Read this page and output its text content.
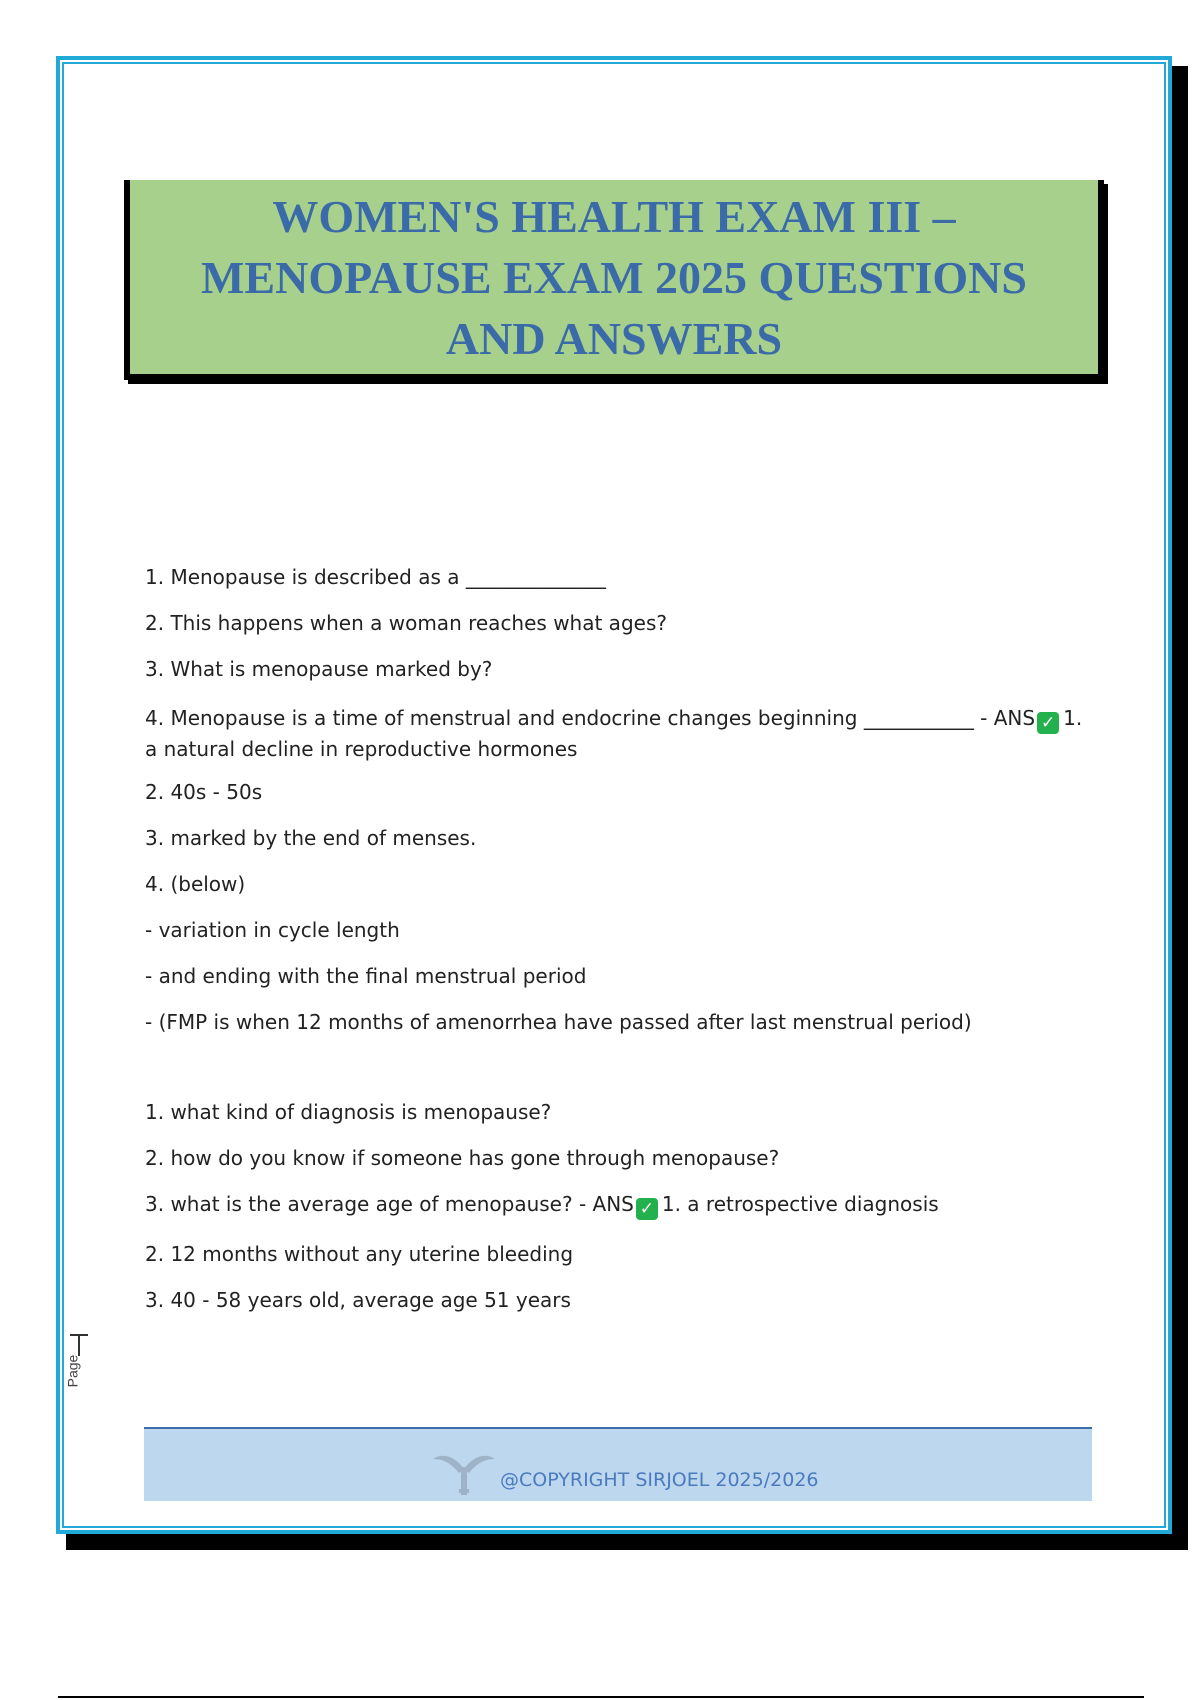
WOMEN'S HEALTH EXAM III – MENOPAUSE EXAM 2025 QUESTIONS AND ANSWERS

1. Menopause is described as a ______________

2. This happens when a woman reaches what ages?

3. What is menopause marked by?

4. Menopause is a time of menstrual and endocrine changes beginning ___________ - ANS ✓ 1. a natural decline in reproductive hormones

2. 40s - 50s

3. marked by the end of menses.

4. (below)

- variation in cycle length

- and ending with the final menstrual period

- (FMP is when 12 months of amenorrhea have passed after last menstrual period)

1. what kind of diagnosis is menopause?

2. how do you know if someone has gone through menopause?

3. what is the average age of menopause? - ANS ✓ 1. a retrospective diagnosis

2. 12 months without any uterine bleeding

3. 40 - 58 years old, average age 51 years

Page
@COPYRIGHT SIRJOEL 2025/2026
